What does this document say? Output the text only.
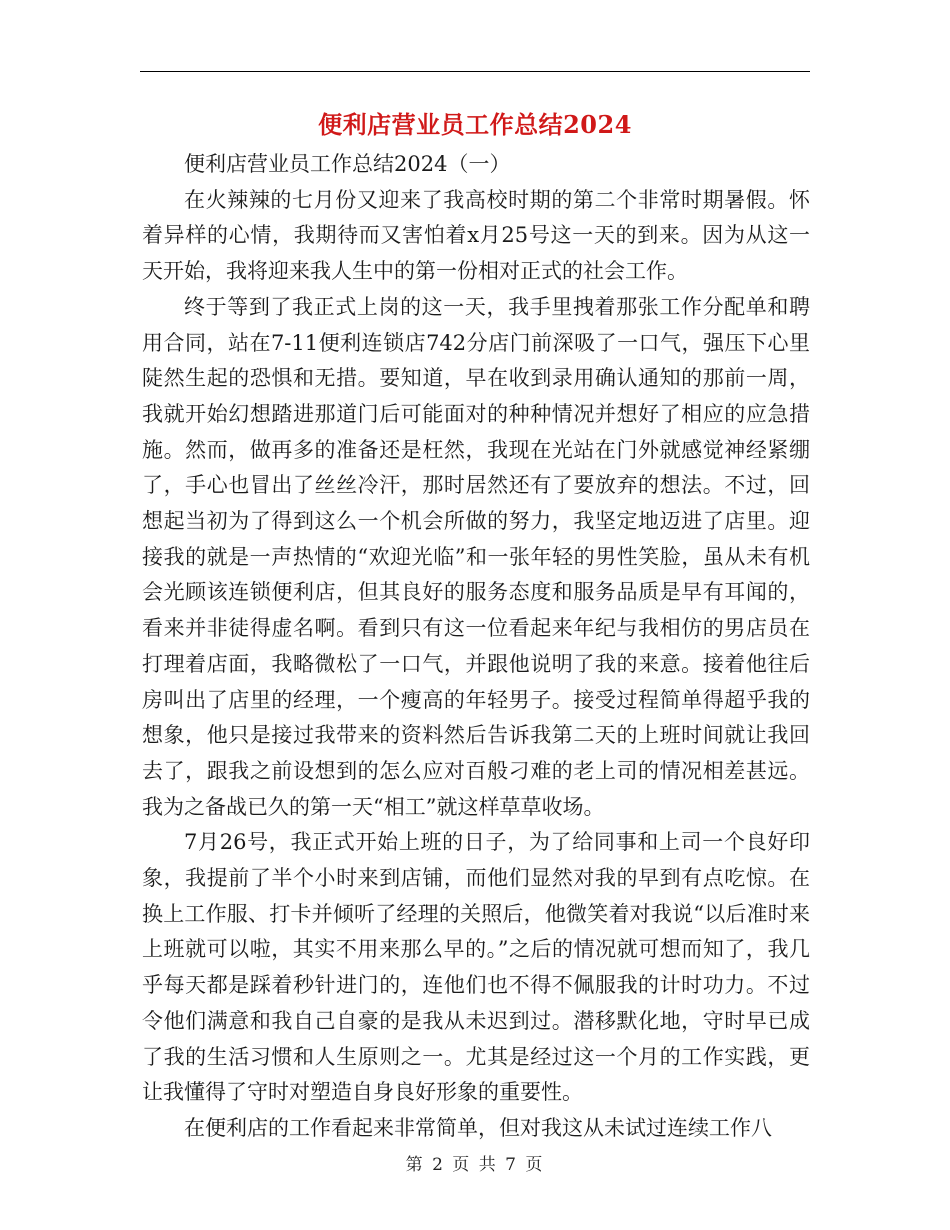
便利店营业员工作总结2024

便利店营业员工作总结2024（一）

在火辣辣的七月份又迎来了我高校时期的第二个非常时期暑假。怀着异样的心情，我期待而又害怕着x月25号这一天的到来。因为从这一天开始，我将迎来我人生中的第一份相对正式的社会工作。

终于等到了我正式上岗的这一天，我手里拽着那张工作分配单和聘用合同，站在7-11便利连锁店742分店门前深吸了一口气，强压下心里陡然生起的恐惧和无措。要知道，早在收到录用确认通知的那前一周，我就开始幻想踏进那道门后可能面对的种种情况并想好了相应的应急措施。然而，做再多的准备还是枉然，我现在光站在门外就感觉神经紧绷了，手心也冒出了丝丝冷汗，那时居然还有了要放弃的想法。不过，回想起当初为了得到这么一个机会所做的努力，我坚定地迈进了店里。迎接我的就是一声热情的“欢迎光临”和一张年轻的男性笑脸，虽从未有机会光顾该连锁便利店，但其良好的服务态度和服务品质是早有耳闻的，看来并非徒得虚名啊。看到只有这一位看起来年纪与我相仿的男店员在打理着店面，我略微松了一口气，并跟他说明了我的来意。接着他往后房叫出了店里的经理，一个瘦高的年轻男子。接受过程简单得超乎我的想象，他只是接过我带来的资料然后告诉我第二天的上班时间就让我回去了，跟我之前设想到的怎么应对百般刁难的老上司的情况相差甚远。我为之备战已久的第一天“相工”就这样草草收场。

7月26号，我正式开始上班的日子，为了给同事和上司一个良好印象，我提前了半个小时来到店铺，而他们显然对我的早到有点吃惊。在换上工作服、打卡并倾听了经理的关照后，他微笑着对我说“以后准时来上班就可以啦，其实不用来那么早的。”之后的情况就可想而知了，我几乎每天都是踩着秒针进门的，连他们也不得不佩服我的计时功力。不过令他们满意和我自己自豪的是我从未迟到过。潜移默化地，守时早已成了我的生活习惯和人生原则之一。尤其是经过这一个月的工作实践，更让我懂得了守时对塑造自身良好形象的重要性。

在便利店的工作看起来非常简单，但对我这从未试过连续工作八

第 2 页 共 7 页
